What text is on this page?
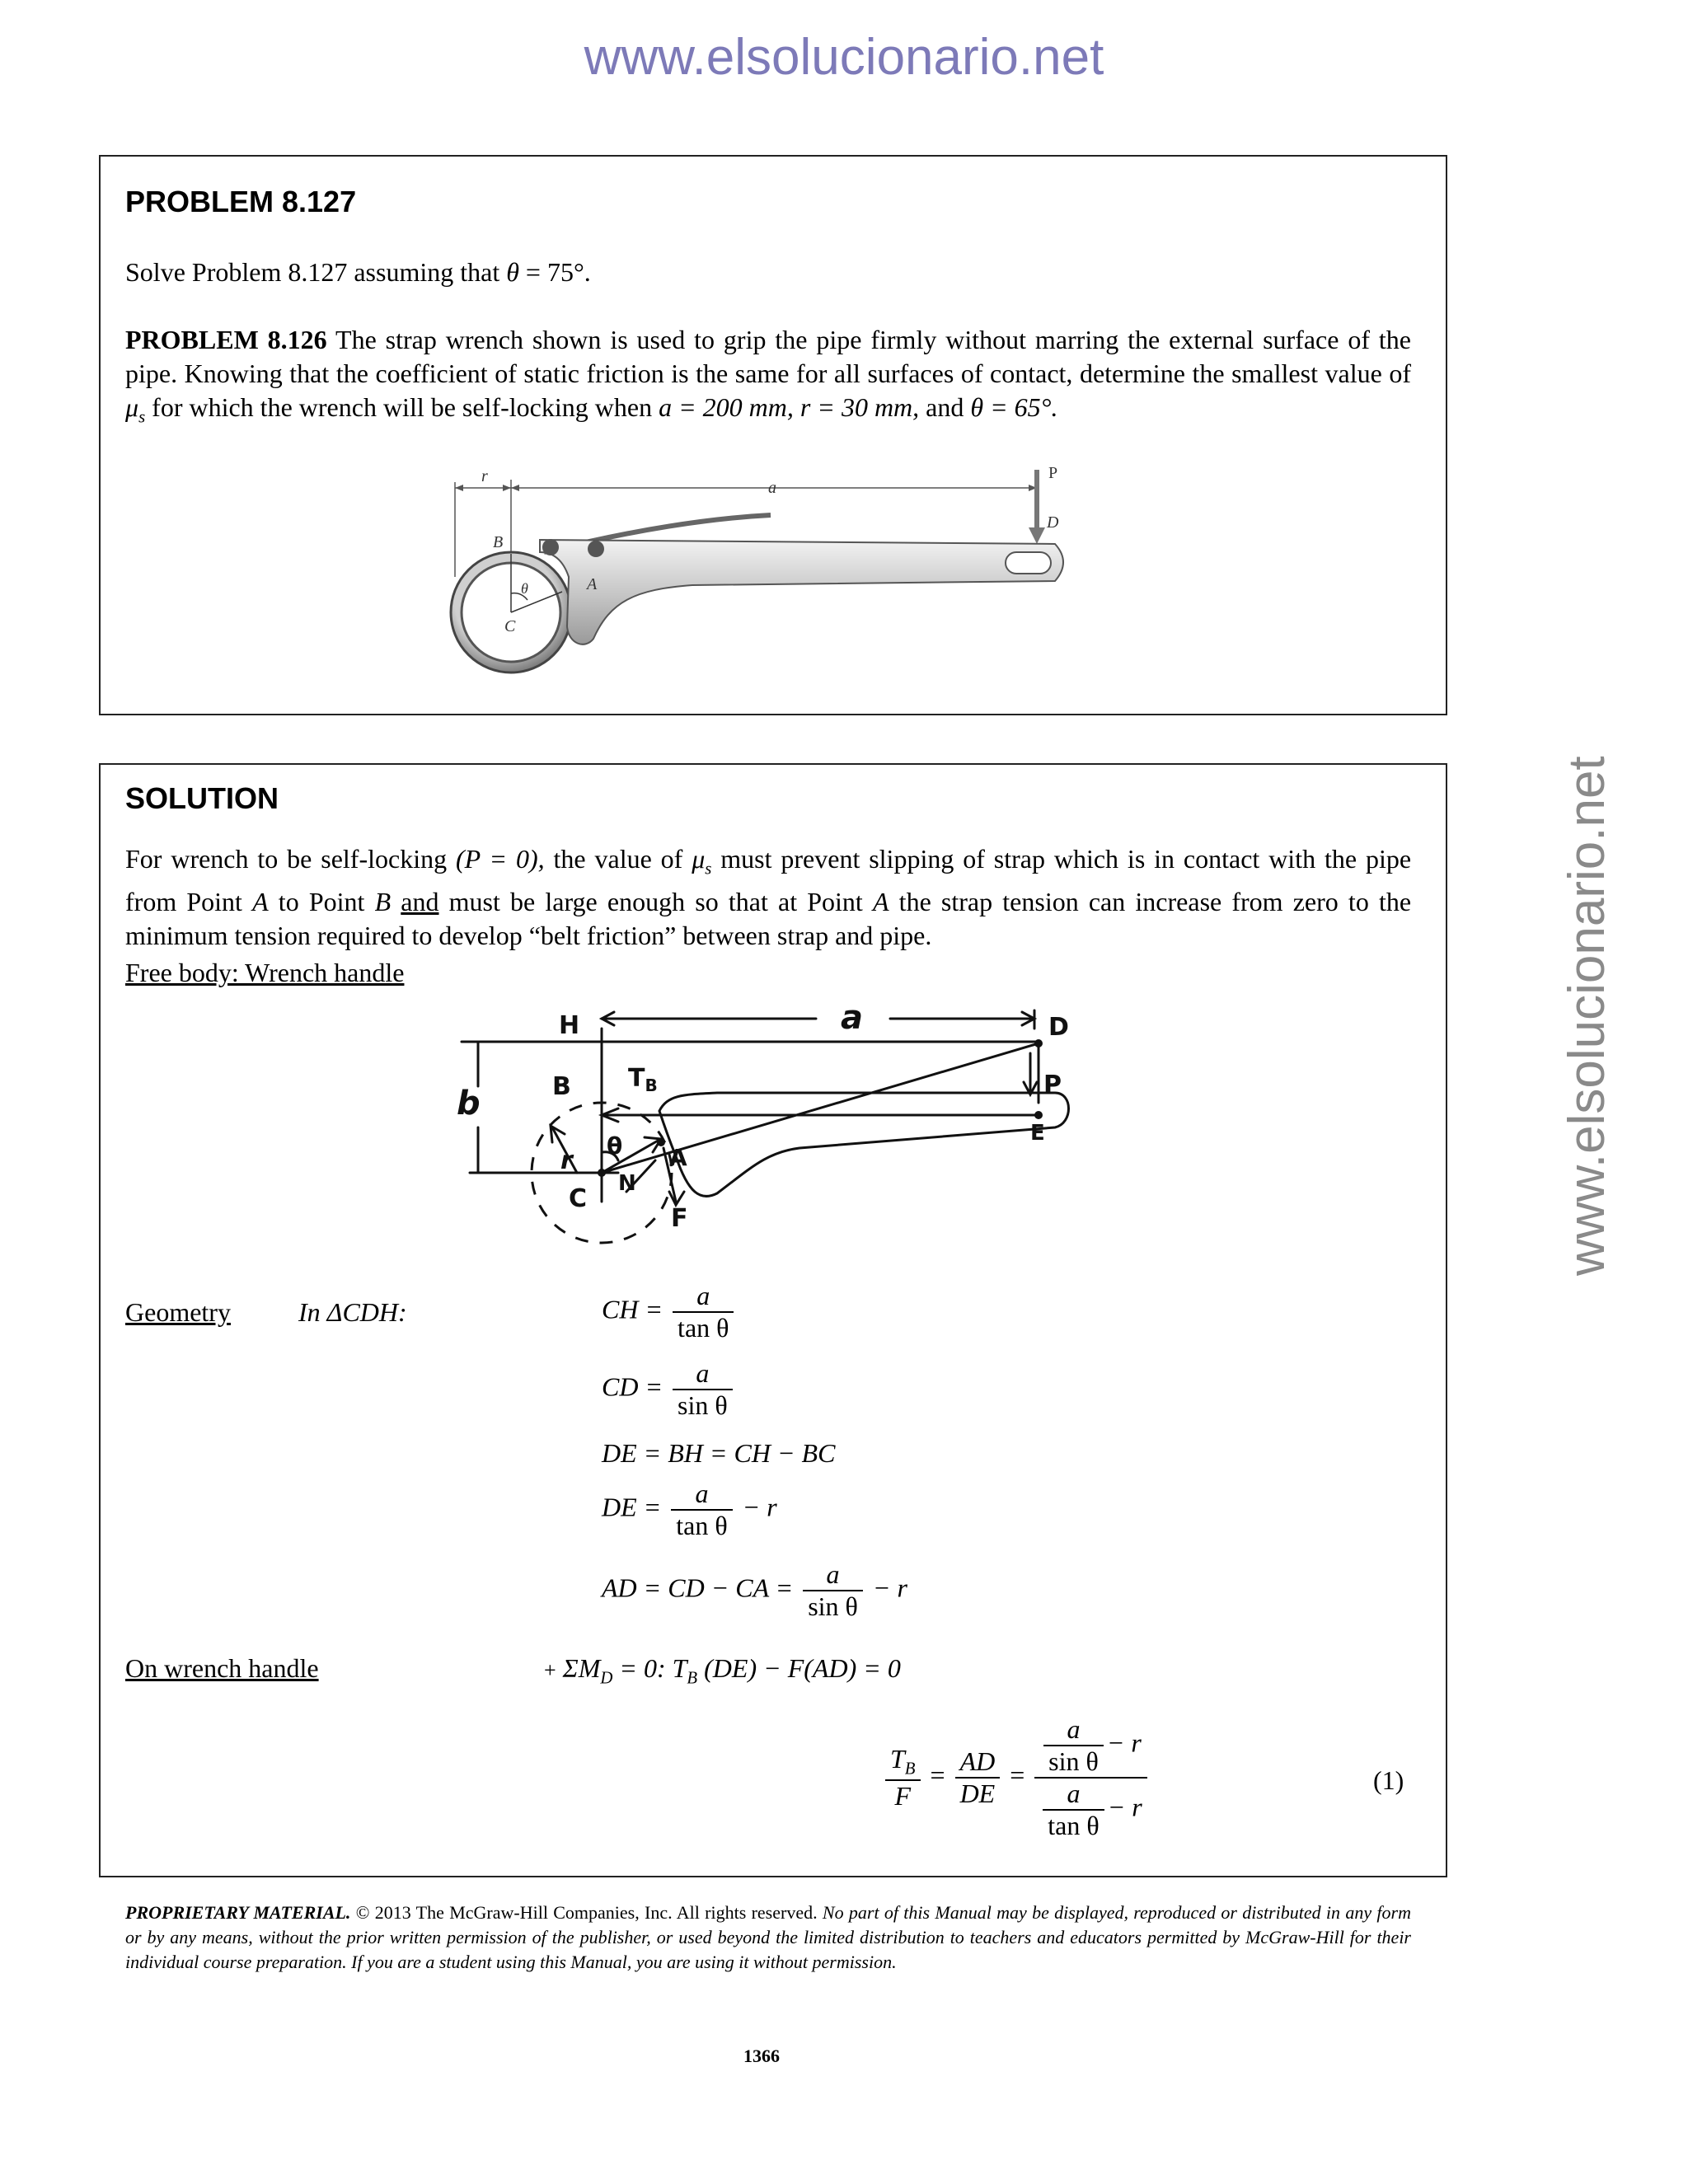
www.elsolucionario.net
www.elsolucionario.net
PROBLEM 8.127
Solve Problem 8.127 assuming that θ = 75°.
PROBLEM 8.126 The strap wrench shown is used to grip the pipe firmly without marring the external surface of the pipe. Knowing that the coefficient of static friction is the same for all surfaces of contact, determine the smallest value of $\mu_s$ for which the wrench will be self-locking when a = 200 mm, r = 30 mm, and θ = 65°.
r
a
P
D
B
A
θ
C
SOLUTION
For wrench to be self-locking (P = 0), the value of $\mu_s$ must prevent slipping of strap which is in contact with the pipe from Point A to Point B and must be large enough so that at Point A the strap tension can increase from zero to the minimum tension required to develop “belt friction” between strap and pipe.
Free body: Wrench handle
H	a	D
P
b	B $T_B$
E
r
θ A
C
N
F
Geometry	In ΔCDH:	CH = $\frac{a}{\text{tan θ}}$
CD = $\frac{a}{\text{sin θ}}$
DE = BH = CH − BC
DE = $\frac{a}{\text{tan θ}} - r$
AD = CD − CA = $\frac{a}{\text{sin θ}} - r$
On wrench handle	+ $\Sigma M_D = 0$: $T_B$ (DE) − F(AD) = 0
$\frac{T_B}{F} = \frac{AD}{DE} = \frac{\frac{a}{\text{sin θ}} - r}{\frac{a}{\text{tan θ}} - r}$	(1)
PROPRIETARY MATERIAL. © 2013 The McGraw-Hill Companies, Inc. All rights reserved. No part of this Manual may be displayed, reproduced or distributed in any form or by any means, without the prior written permission of the publisher, or used beyond the limited distribution to teachers and educators permitted by McGraw-Hill for their individual course preparation. If you are a student using this Manual, you are using it without permission.
1366
